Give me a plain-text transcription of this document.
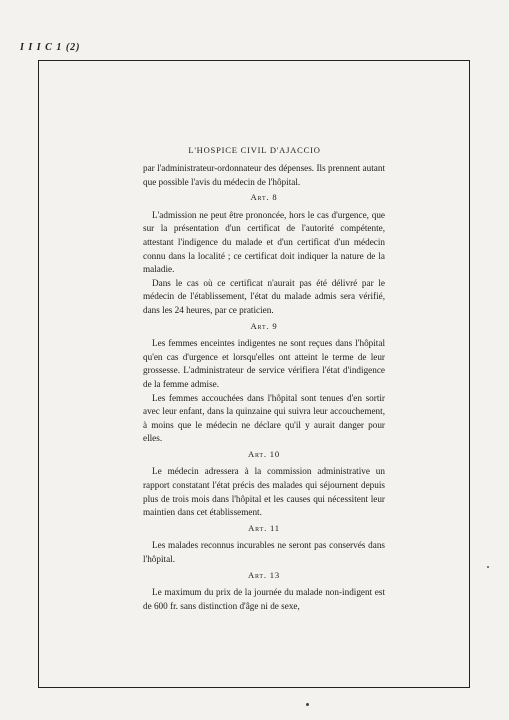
I I I C 1 (2)
L'HOSPICE CIVIL D'AJACCIO

par l'administrateur-ordonnateur des dépenses. Ils prennent autant que possible l'avis du médecin de l'hôpital.

Art. 8

L'admission ne peut être prononcée, hors le cas d'urgence, que sur la présentation d'un certificat de l'autorité compétente, attestant l'indigence du malade et d'un certificat d'un médecin connu dans la localité ; ce certificat doit indiquer la nature de la maladie.

Dans le cas où ce certificat n'aurait pas été délivré par le médecin de l'établissement, l'état du malade admis sera vérifié, dans les 24 heures, par ce praticien.

Art. 9

Les femmes enceintes indigentes ne sont reçues dans l'hôpital qu'en cas d'urgence et lorsqu'elles ont atteint le terme de leur grossesse. L'administrateur de service vérifiera l'état d'indigence de la femme admise.

Les femmes accouchées dans l'hôpital sont tenues d'en sortir avec leur enfant, dans la quinzaine qui suivra leur accouchement, à moins que le médecin ne déclare qu'il y aurait danger pour elles.

Art. 10

Le médecin adressera à la commission administrative un rapport constatant l'état précis des malades qui séjournent depuis plus de trois mois dans l'hôpital et les causes qui nécessitent leur maintien dans cet établissement.

Art. 11

Les malades reconnus incurables ne seront pas conservés dans l'hôpital.

Art. 13

Le maximum du prix de la journée du malade non-indigent est de 600 fr. sans distinction d'âge ni de sexe,
